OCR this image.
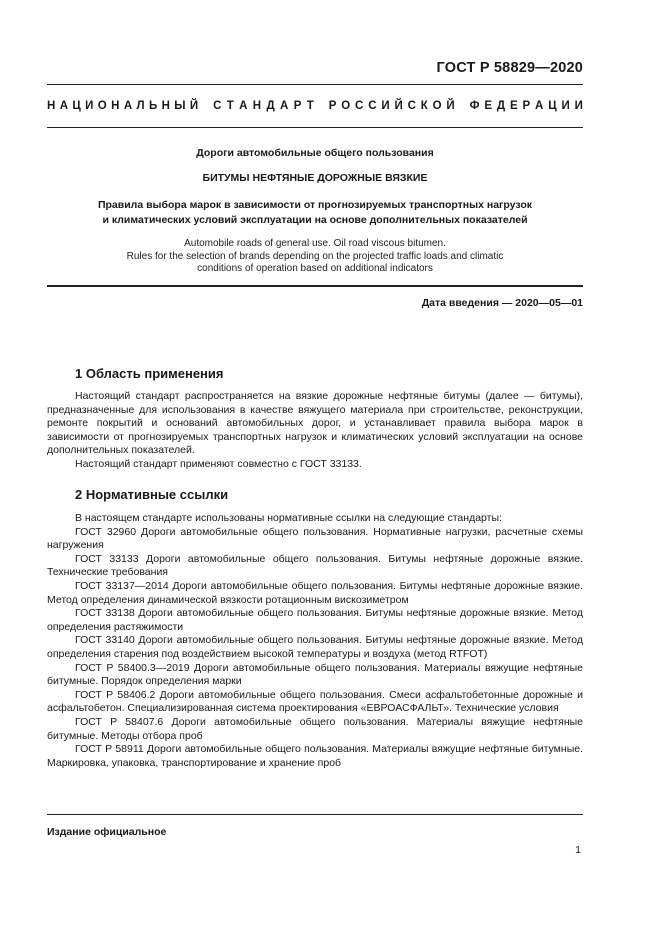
ГОСТ Р 58829—2020
Н А Ц И О Н А Л Ь Н Ы Й С Т А Н Д А Р Т Р О С С И Й С К О Й Ф Е Д Е Р А Ц И И
Дороги автомобильные общего пользования
БИТУМЫ НЕФТЯНЫЕ ДОРОЖНЫЕ ВЯЗКИЕ
Правила выбора марок в зависимости от прогнозируемых транспортных нагрузок
и климатических условий эксплуатации на основе дополнительных показателей
Automobile roads of general use. Oil road viscous bitumen.
Rules for the selection of brands depending on the projected traffic loads and climatic
conditions of operation based on additional indicators
Дата введения — 2020—05—01
1 Область применения

Настоящий стандарт распространяется на вязкие дорожные нефтяные битумы (далее — битумы), предназначенные для использования в качестве вяжущего материала при строительстве, реконструкции, ремонте покрытий и оснований автомобильных дорог, и устанавливает правила выбора марок в зависимости от прогнозируемых транспортных нагрузок и климатических условий эксплуатации на основе дополнительных показателей.

Настоящий стандарт применяют совместно с ГОСТ 33133.

2 Нормативные ссылки

В настоящем стандарте использованы нормативные ссылки на следующие стандарты:

ГОСТ 32960 Дороги автомобильные общего пользования. Нормативные нагрузки, расчетные схемы нагружения

ГОСТ 33133 Дороги автомобильные общего пользования. Битумы нефтяные дорожные вязкие. Технические требования

ГОСТ 33137—2014 Дороги автомобильные общего пользования. Битумы нефтяные дорожные вязкие. Метод определения динамической вязкости ротационным вискозиметром

ГОСТ 33138 Дороги автомобильные общего пользования. Битумы нефтяные дорожные вязкие. Метод определения растяжимости

ГОСТ 33140 Дороги автомобильные общего пользования. Битумы нефтяные дорожные вязкие. Метод определения старения под воздействием высокой температуры и воздуха (метод RTFOT)

ГОСТ Р 58400.3—2019 Дороги автомобильные общего пользования. Материалы вяжущие нефтяные битумные. Порядок определения марки

ГОСТ Р 58406.2 Дороги автомобильные общего пользования. Смеси асфальтобетонные дорожные и асфальтобетон. Специализированная система проектирования «ЕВРОАСФАЛЬТ». Технические условия

ГОСТ Р 58407.6 Дороги автомобильные общего пользования. Материалы вяжущие нефтяные битумные. Методы отбора проб

ГОСТ Р 58911 Дороги автомобильные общего пользования. Материалы вяжущие нефтяные битумные. Маркировка, упаковка, транспортирование и хранение проб

Издание официальное
1
